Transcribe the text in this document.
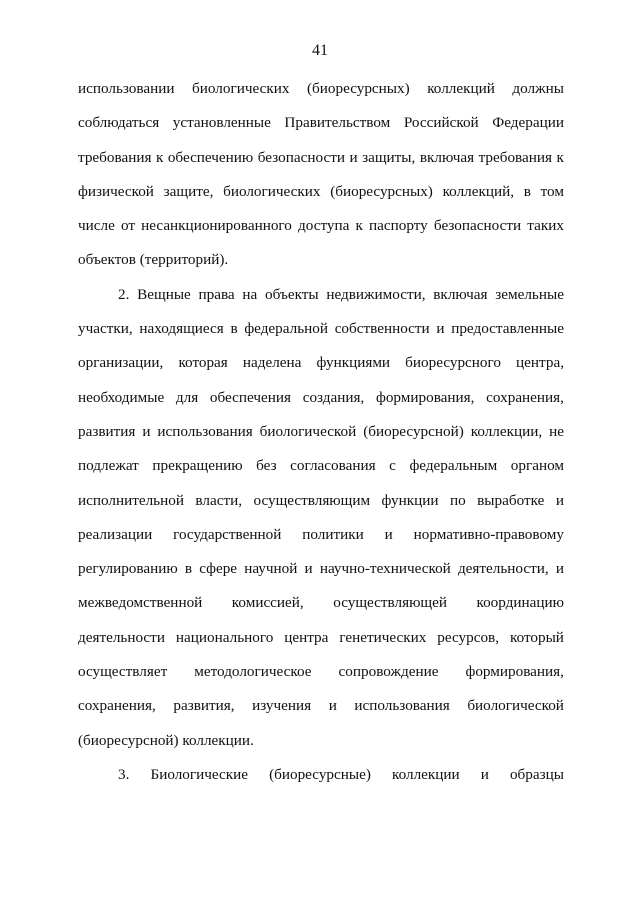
41
использовании биологических (биоресурсных) коллекций должны
соблюдаться установленные Правительством Российской Федерации
требования к обеспечению безопасности и защиты, включая требования к
физической защите, биологических (биоресурсных) коллекций, в том
числе от несанкционированного доступа к паспорту безопасности таких
объектов (территорий).
2. Вещные права на объекты недвижимости, включая земельные
участки, находящиеся в федеральной собственности и предоставленные
организации, которая наделена функциями биоресурсного центра,
необходимые для обеспечения создания, формирования, сохранения,
развития и использования биологической (биоресурсной) коллекции, не
подлежат прекращению без согласования с федеральным органом
исполнительной власти, осуществляющим функции по выработке и
реализации государственной политики и нормативно-правовому
регулированию в сфере научной и научно-технической деятельности, и
межведомственной комиссией, осуществляющей координацию
деятельности национального центра генетических ресурсов, который
осуществляет методологическое сопровождение формирования,
сохранения, развития, изучения и использования биологической
(биоресурсной) коллекции.
3. Биологические (биоресурсные) коллекции и образцы
